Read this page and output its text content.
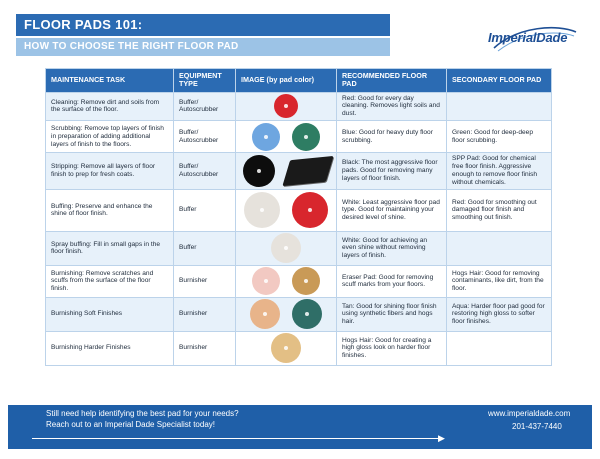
FLOOR PADS 101:
HOW TO CHOOSE THE RIGHT FLOOR PAD
ImperialDade
MAINTENANCE TASK	EQUIPMENT TYPE	IMAGE (by pad color)	RECOMMENDED FLOOR PAD	SECONDARY FLOOR PAD
Cleaning: Remove dirt and soils from the surface of the floor.	Buffer/ Autoscrubber		Red: Good for every day cleaning. Removes light soils and dust.	
Scrubbing: Remove top layers of finish in preparation of adding additional layers of finish to the floors.	Buffer/ Autoscrubber		Blue: Good for heavy duty floor scrubbing.	Green: Good for deep-deep floor scrubbing.
Stripping: Remove all layers of floor finish to prep for fresh coats.	Buffer/ Autoscrubber		Black: The most aggressive floor pads. Good for removing many layers of floor finish.	SPP Pad: Good for chemical free floor finish. Aggressive enough to remove floor finish without chemicals.
Buffing: Preserve and enhance the shine of floor finish.	Buffer		White: Least aggressive floor pad type. Good for maintaining your desired level of shine.	Red: Good for smoothing out damaged floor finish and smoothing out finish.
Spray buffing: Fill in small gaps in the floor finish.	Buffer		White: Good for achieving an even shine without removing layers of finish.	
Burnishing: Remove scratches and scuffs from the surface of the floor finish.	Burnisher		Eraser Pad: Good for removing scuff marks from your floors.	Hogs Hair: Good for removing contaminants, like dirt, from the floor.
Burnishing Soft Finishes	Burnisher		Tan: Good for shining floor finish using synthetic fibers and hogs hair.	Aqua: Harder floor pad good for restoring high gloss to softer floor finishes.
Burnishing Harder Finishes	Burnisher		Hogs Hair: Good for creating a high gloss look on harder floor finishes.	
Still need help identifying the best pad for your needs?
Reach out to an Imperial Dade Specialist today!
▶
www.imperialdade.com
201-437-7440
